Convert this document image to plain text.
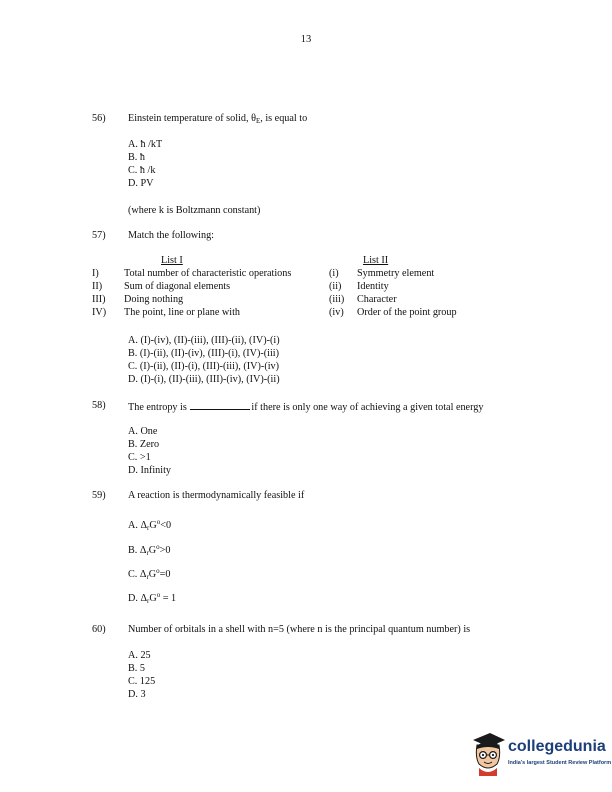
13
56) Einstein temperature of solid, $\theta_E$, is equal to
A. ħ /kT
B. ħ
C. ħ /k
D. PV
(where k is Boltzmann constant)
57) Match the following:
List I	List II
I) Total number of characteristic operations
II) Sum of diagonal elements
III) Doing nothing
IV) The point, line or plane with
(i) Symmetry element
(ii) Identity
(iii) Character
(iv) Order of the point group
A. (I)-(iv), (II)-(iii), (III)-(ii), (IV)-(i)
B. (I)-(ii), (II)-(iv), (III)-(i), (IV)-(iii)
C. (I)-(ii), (II)-(i), (III)-(iii), (IV)-(iv)
D. (I)-(i), (II)-(iii), (III)-(iv), (IV)-(ii)
58) The entropy is	if there is only one way of achieving a given total energy
A. One
B. Zero
C. >1
D. Infinity
59) A reaction is thermodynamically feasible if
A. $\Delta_rG^o<0$
B. $\Delta_rG^o>0$
C. $\Delta_rG^o=0$
D. $\Delta_rG^o = 1$
60) Number of orbitals in a shell with n=5 (where n is the principal quantum number) is
A. 25
B. 5
C. 125
D. 3
collegedunia
India's largest Student Review Platform
